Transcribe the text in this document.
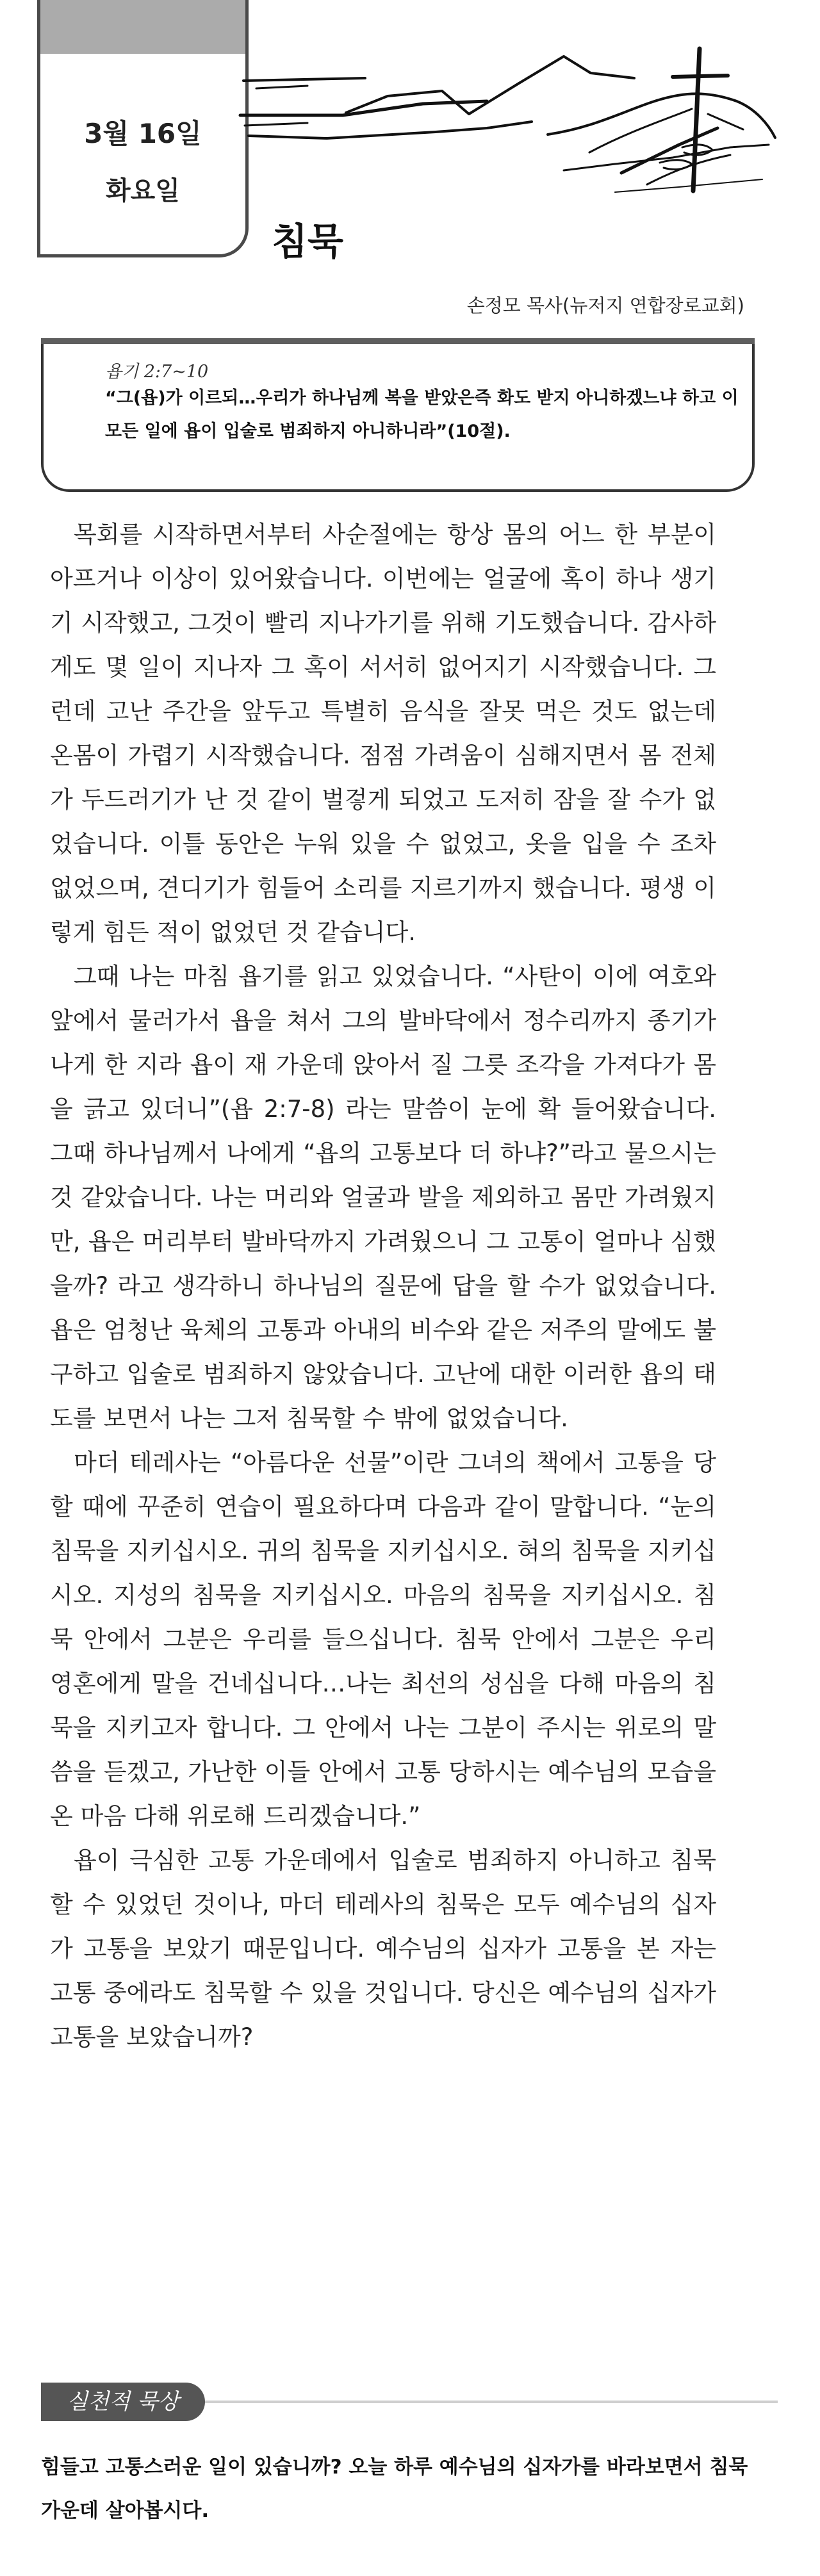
3월 16일
화요일
침묵
손정모 목사(뉴저지 연합장로교회)
욥기 2:7~10

“그(욥)가 이르되…우리가 하나님께 복을 받았은즉 화도 받지 아니하겠느냐 하고 이 모든 일에 욥이 입술로 범죄하지 아니하니라”(10절).

목회를 시작하면서부터 사순절에는 항상 몸의 어느 한 부분이 아프거나 이상이 있어왔습니다. 이번에는 얼굴에 혹이 하나 생기기 시작했고, 그것이 빨리 지나가기를 위해 기도했습니다. 감사하게도 몇 일이 지나자 그 혹이 서서히 없어지기 시작했습니다. 그런데 고난 주간을 앞두고 특별히 음식을 잘못 먹은 것도 없는데 온몸이 가렵기 시작했습니다. 점점 가려움이 심해지면서 몸 전체가 두드러기가 난 것 같이 벌겋게 되었고 도저히 잠을 잘 수가 없었습니다. 이틀 동안은 누워 있을 수 없었고, 옷을 입을 수 조차 없었으며, 견디기가 힘들어 소리를 지르기까지 했습니다. 평생 이렇게 힘든 적이 없었던 것 같습니다.

그때 나는 마침 욥기를 읽고 있었습니다. “사탄이 이에 여호와 앞에서 물러가서 욥을 쳐서 그의 발바닥에서 정수리까지 종기가 나게 한 지라 욥이 재 가운데 앉아서 질 그릇 조각을 가져다가 몸을 긁고 있더니”(욥 2:7-8) 라는 말씀이 눈에 확 들어왔습니다. 그때 하나님께서 나에게 “욥의 고통보다 더 하냐?”라고 물으시는 것 같았습니다. 나는 머리와 얼굴과 발을 제외하고 몸만 가려웠지만, 욥은 머리부터 발바닥까지 가려웠으니 그 고통이 얼마나 심했을까? 라고 생각하니 하나님의 질문에 답을 할 수가 없었습니다. 욥은 엄청난 육체의 고통과 아내의 비수와 같은 저주의 말에도 불구하고 입술로 범죄하지 않았습니다. 고난에 대한 이러한 욥의 태도를 보면서 나는 그저 침묵할 수 밖에 없었습니다.

마더 테레사는 “아름다운 선물”이란 그녀의 책에서 고통을 당할 때에 꾸준히 연습이 필요하다며 다음과 같이 말합니다. “눈의 침묵을 지키십시오. 귀의 침묵을 지키십시오. 혀의 침묵을 지키십시오. 지성의 침묵을 지키십시오. 마음의 침묵을 지키십시오. 침묵 안에서 그분은 우리를 들으십니다. 침묵 안에서 그분은 우리 영혼에게 말을 건네십니다…나는 최선의 성심을 다해 마음의 침묵을 지키고자 합니다. 그 안에서 나는 그분이 주시는 위로의 말씀을 듣겠고, 가난한 이들 안에서 고통 당하시는 예수님의 모습을 온 마음 다해 위로해 드리겠습니다.”

욥이 극심한 고통 가운데에서 입술로 범죄하지 아니하고 침묵할 수 있었던 것이나, 마더 테레사의 침묵은 모두 예수님의 십자가 고통을 보았기 때문입니다. 예수님의 십자가 고통을 본 자는 고통 중에라도 침묵할 수 있을 것입니다. 당신은 예수님의 십자가 고통을 보았습니까?

실천적 묵상

힘들고 고통스러운 일이 있습니까? 오늘 하루 예수님의 십자가를 바라보면서 침묵 가운데 살아봅시다.
